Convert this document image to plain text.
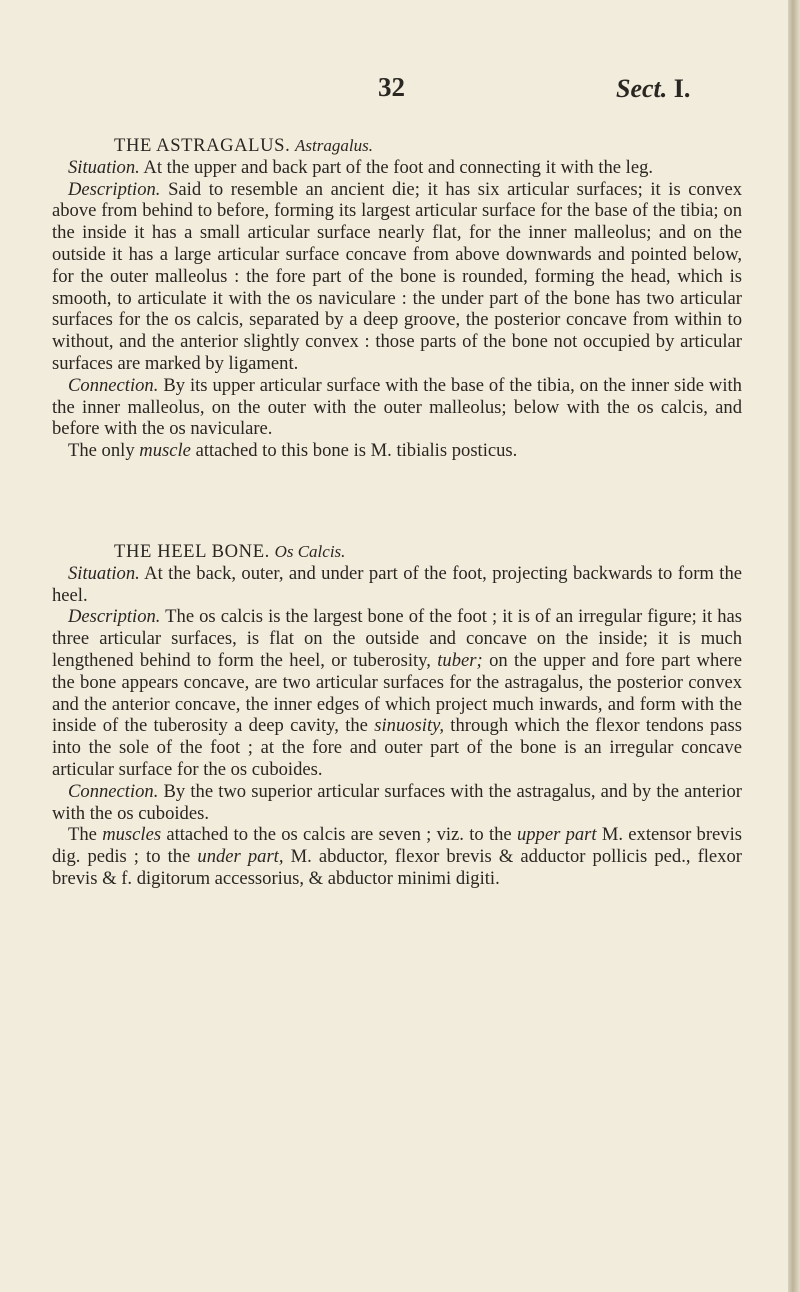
32	Sect. I.

THE ASTRAGALUS. Astragalus.

Situation. At the upper and back part of the foot and connecting it with the leg.

Description. Said to resemble an ancient die; it has six articular surfaces; it is convex above from behind to before, forming its largest articular surface for the base of the tibia; on the inside it has a small articular surface nearly flat, for the inner malleolus; and on the outside it has a large articular surface concave from above downwards and pointed below, for the outer malleolus : the fore part of the bone is rounded, forming the head, which is smooth, to articulate it with the os naviculare : the under part of the bone has two articular surfaces for the os calcis, separated by a deep groove, the posterior concave from within to without, and the anterior slightly convex : those parts of the bone not occupied by articular surfaces are marked by ligament.

Connection. By its upper articular surface with the base of the tibia, on the inner side with the inner malleolus, on the outer with the outer malleolus; below with the os calcis, and before with the os naviculare.

The only muscle attached to this bone is M. tibialis posticus.

THE HEEL BONE. Os Calcis.

Situation. At the back, outer, and under part of the foot, projecting backwards to form the heel.

Description. The os calcis is the largest bone of the foot ; it is of an irregular figure; it has three articular surfaces, is flat on the outside and concave on the inside; it is much lengthened behind to form the heel, or tuberosity, tuber; on the upper and fore part where the bone appears concave, are two articular surfaces for the astragalus, the posterior convex and the anterior concave, the inner edges of which project much inwards, and form with the inside of the tuberosity a deep cavity, the sinuosity, through which the flexor tendons pass into the sole of the foot ; at the fore and outer part of the bone is an irregular concave articular surface for the os cuboides.

Connection. By the two superior articular surfaces with the astragalus, and by the anterior with the os cuboides.

The muscles attached to the os calcis are seven ; viz. to the upper part M. extensor brevis dig. pedis ; to the under part, M. abductor, flexor brevis & adductor pollicis ped., flexor brevis & f. digitorum accessorius, & abductor minimi digiti.
